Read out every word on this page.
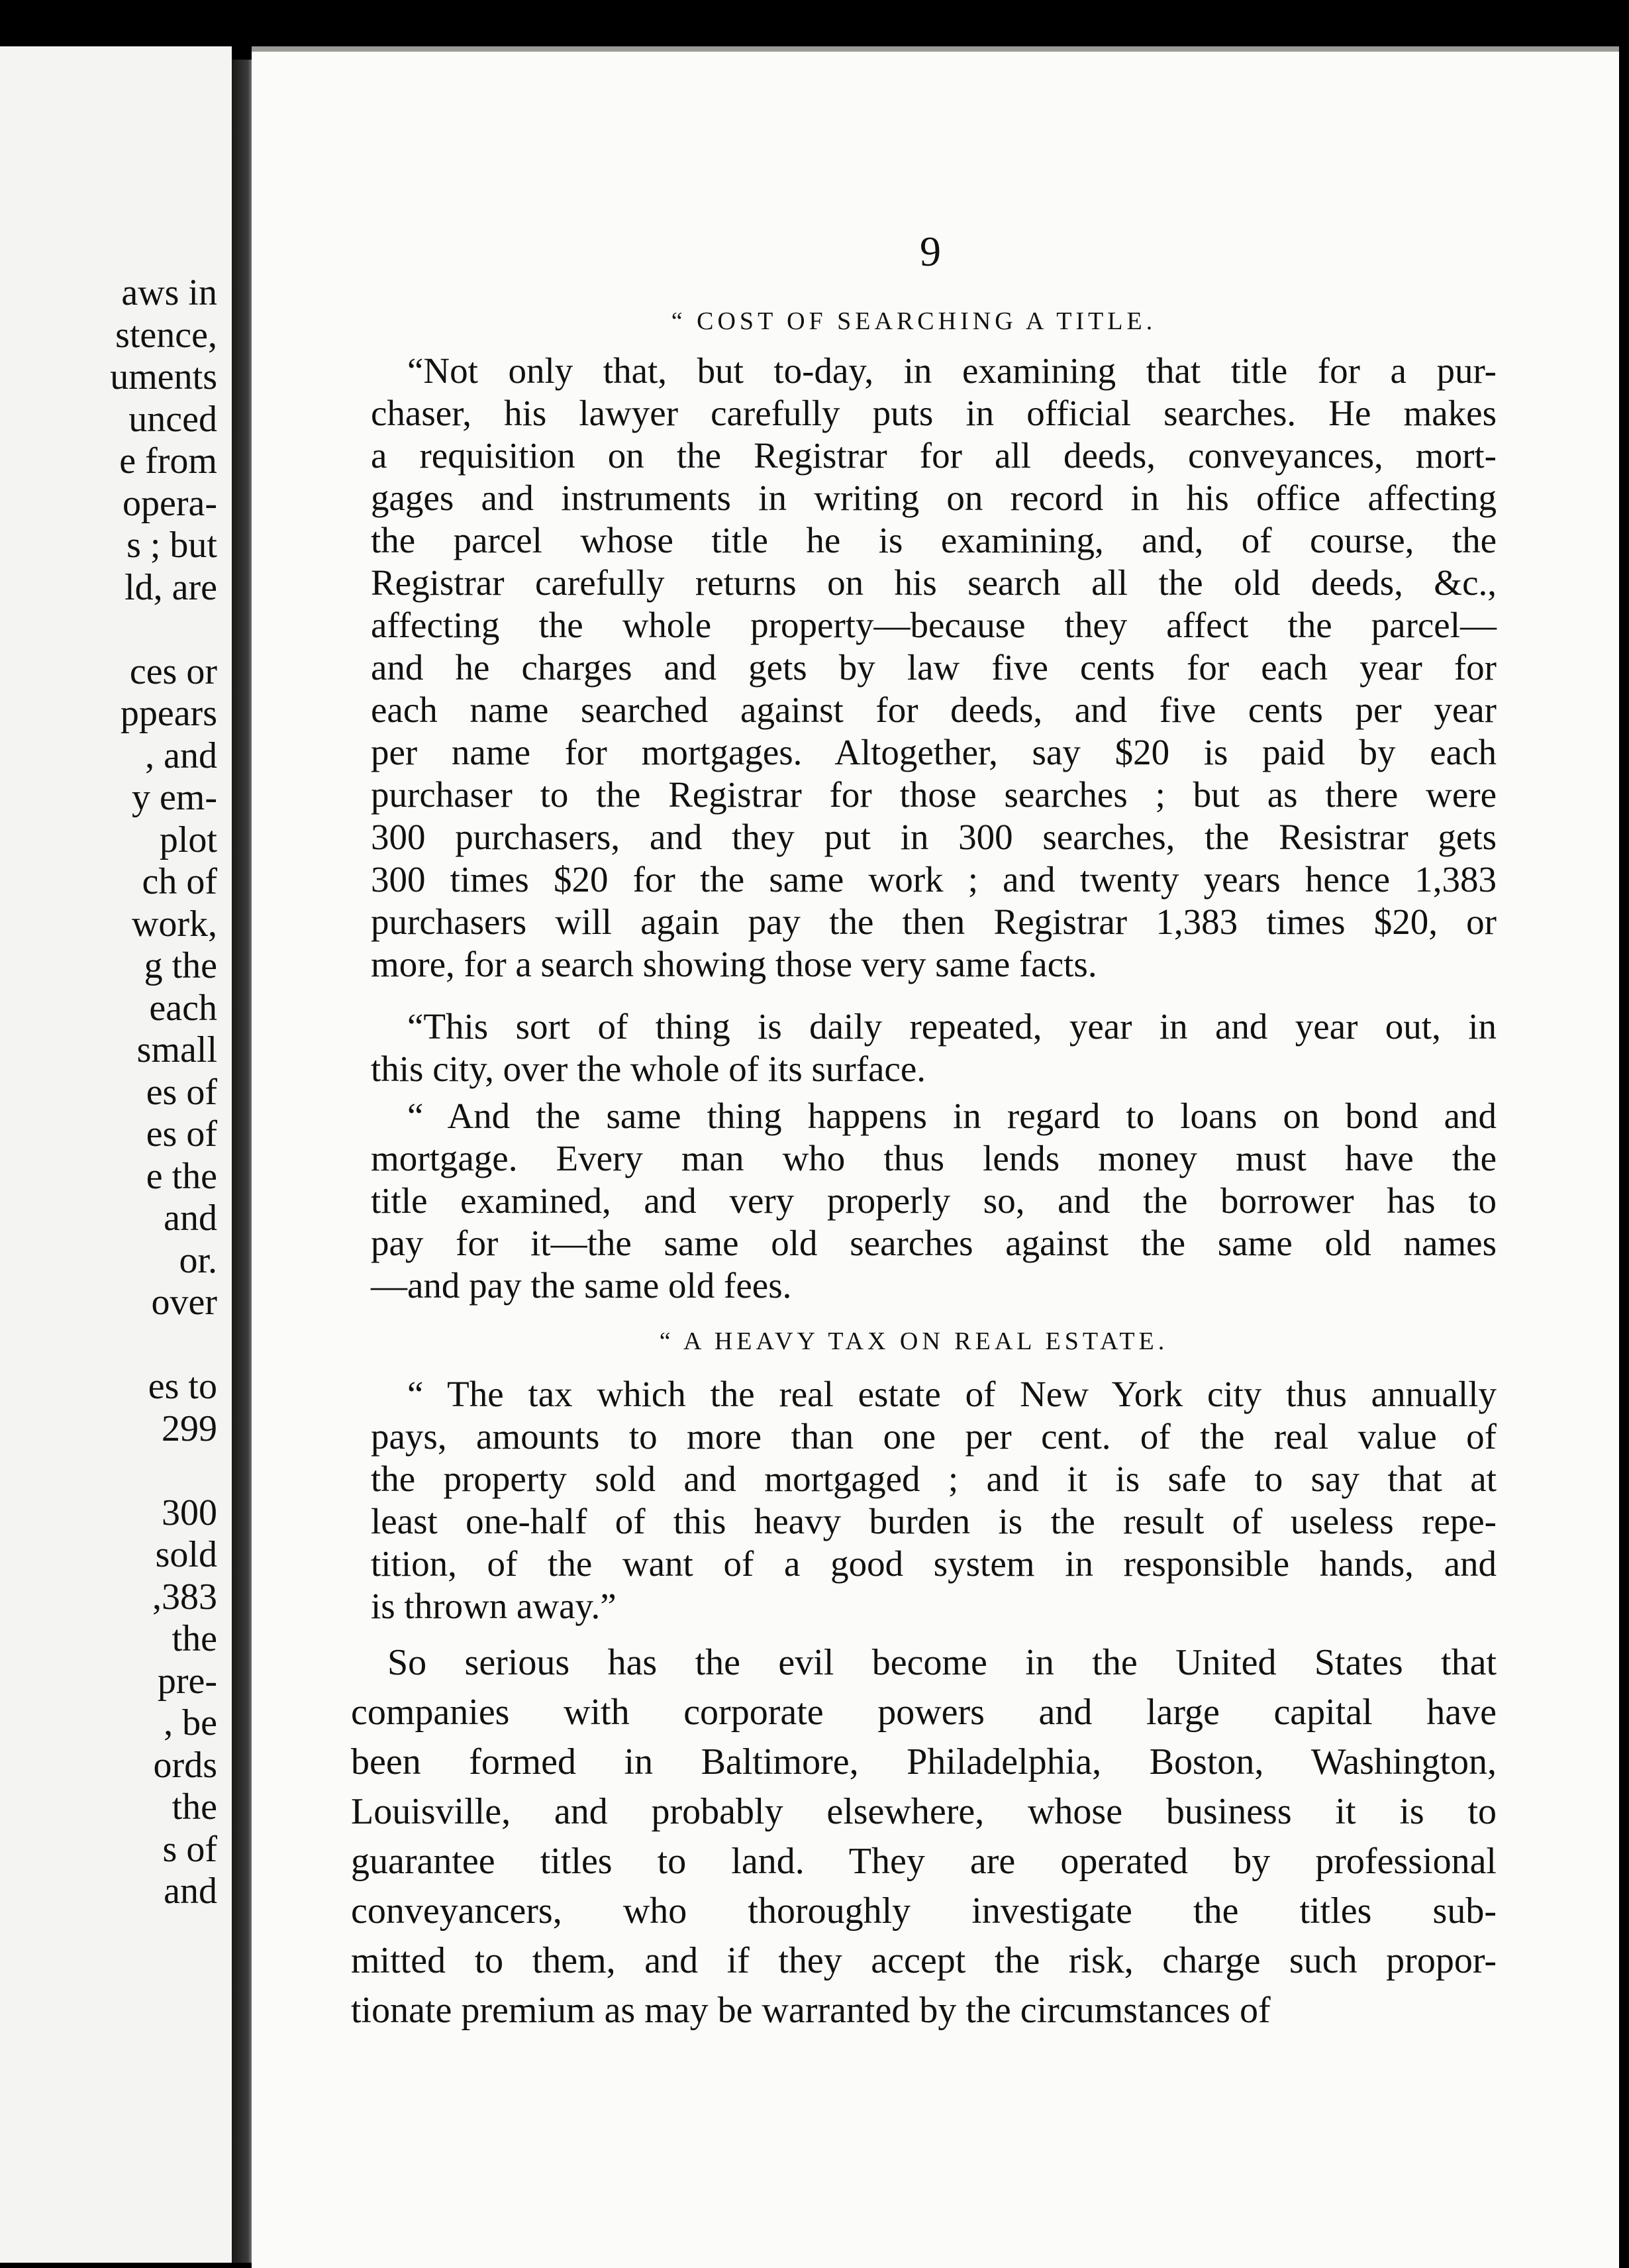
aws in
stence,
uments
unced
e from
opera-
s ; but
ld, are
ces or
ppears
, and
y em-
plot
ch of
work,
g the
each
small
es of
es of
e the
and
or.
over
es to
299
300
sold
,383
the
pre-
, be
ords
the
s of
and
9
“ COST OF SEARCHING A TITLE.
“Not only that, but to-day, in examining that title for a pur-
chaser, his lawyer carefully puts in official searches. He makes
a requisition on the Registrar for all deeds, conveyances, mort-
gages and instruments in writing on record in his office affecting
the parcel whose title he is examining, and, of course, the
Registrar carefully returns on his search all the old deeds, &c.,
affecting the whole property—because they affect the parcel—
and he charges and gets by law five cents for each year for
each name searched against for deeds, and five cents per year
per name for mortgages. Altogether, say $20 is paid by each
purchaser to the Registrar for those searches ; but as there were
300 purchasers, and they put in 300 searches, the Resistrar gets
300 times $20 for the same work ; and twenty years hence 1,383
purchasers will again pay the then Registrar 1,383 times $20, or
more, for a search showing those very same facts.
“This sort of thing is daily repeated, year in and year out, in
this city, over the whole of its surface.
“ And the same thing happens in regard to loans on bond and
mortgage. Every man who thus lends money must have the
title examined, and very properly so, and the borrower has to
pay for it—the same old searches against the same old names
—and pay the same old fees.
“ A HEAVY TAX ON REAL ESTATE.
“ The tax which the real estate of New York city thus annually
pays, amounts to more than one per cent. of the real value of
the property sold and mortgaged ; and it is safe to say that at
least one-half of this heavy burden is the result of useless repe-
tition, of the want of a good system in responsible hands, and
is thrown away.”
So serious has the evil become in the United States that
companies with corporate powers and large capital have
been formed in Baltimore, Philadelphia, Boston, Washington,
Louisville, and probably elsewhere, whose business it is to
guarantee titles to land. They are operated by professional
conveyancers, who thoroughly investigate the titles sub-
mitted to them, and if they accept the risk, charge such propor-
tionate premium as may be warranted by the circumstances of
